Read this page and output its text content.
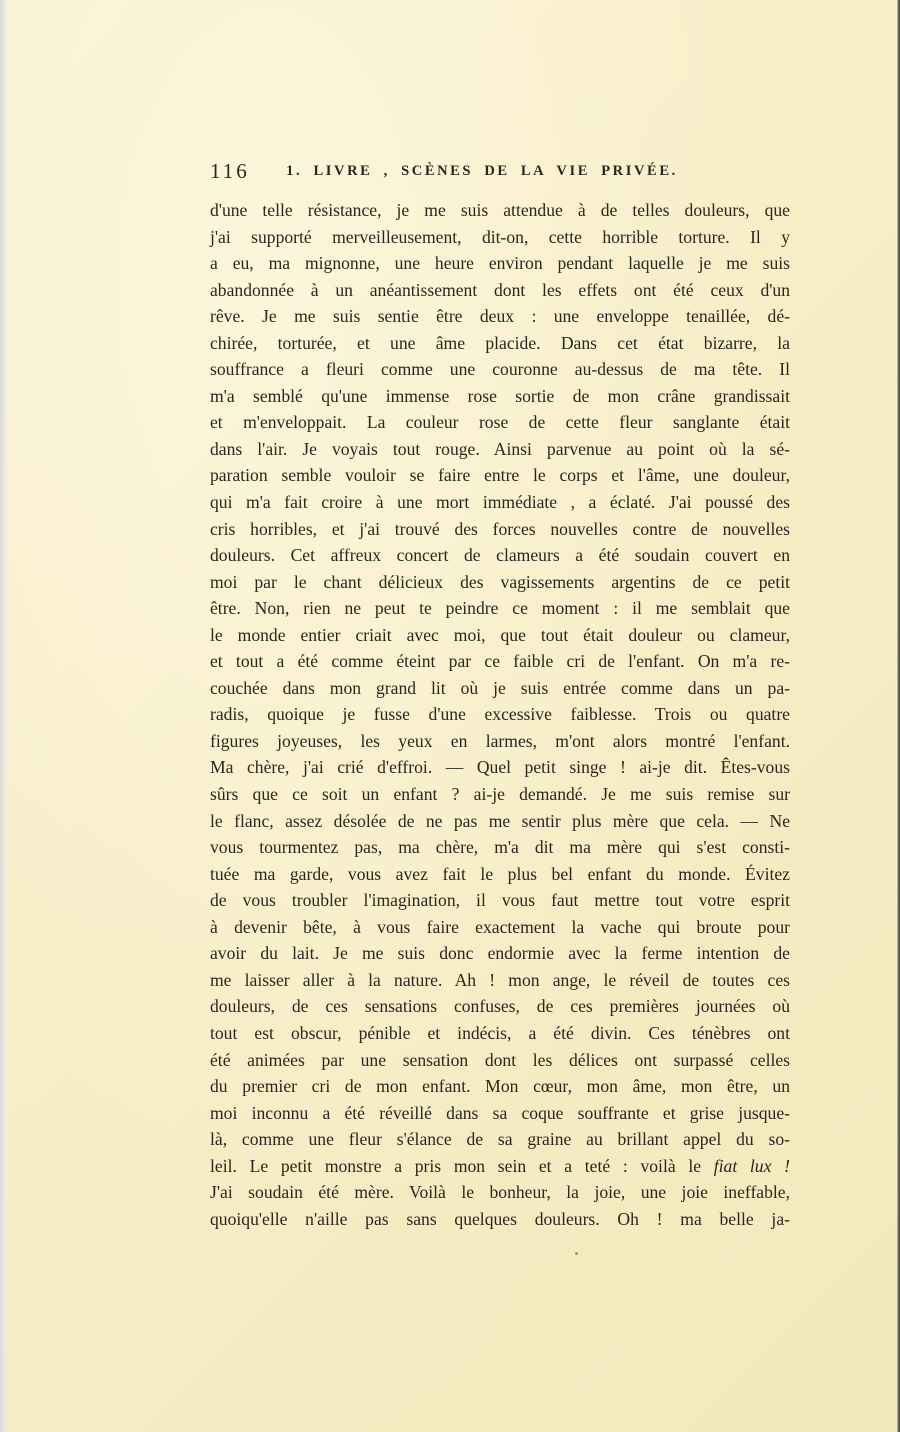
116	1. LIVRE , SCÈNES DE LA VIE PRIVÉE.
d'une telle résistance, je me suis attendue à de telles douleurs, que
j'ai supporté merveilleusement, dit-on, cette horrible torture. Il y
a eu, ma mignonne, une heure environ pendant laquelle je me suis
abandonnée à un anéantissement dont les effets ont été ceux d'un
rêve. Je me suis sentie être deux : une enveloppe tenaillée, dé-
chirée, torturée, et une âme placide. Dans cet état bizarre, la
souffrance a fleuri comme une couronne au-dessus de ma tête. Il
m'a semblé qu'une immense rose sortie de mon crâne grandissait
et m'enveloppait. La couleur rose de cette fleur sanglante était
dans l'air. Je voyais tout rouge. Ainsi parvenue au point où la sé-
paration semble vouloir se faire entre le corps et l'âme, une douleur,
qui m'a fait croire à une mort immédiate , a éclaté. J'ai poussé des
cris horribles, et j'ai trouvé des forces nouvelles contre de nouvelles
douleurs. Cet affreux concert de clameurs a été soudain couvert en
moi par le chant délicieux des vagissements argentins de ce petit
être. Non, rien ne peut te peindre ce moment : il me semblait que
le monde entier criait avec moi, que tout était douleur ou clameur,
et tout a été comme éteint par ce faible cri de l'enfant. On m'a re-
couchée dans mon grand lit où je suis entrée comme dans un pa-
radis, quoique je fusse d'une excessive faiblesse. Trois ou quatre
figures joyeuses, les yeux en larmes, m'ont alors montré l'enfant.
Ma chère, j'ai crié d'effroi. — Quel petit singe ! ai-je dit. Êtes-vous
sûrs que ce soit un enfant ? ai-je demandé. Je me suis remise sur
le flanc, assez désolée de ne pas me sentir plus mère que cela. — Ne
vous tourmentez pas, ma chère, m'a dit ma mère qui s'est consti-
tuée ma garde, vous avez fait le plus bel enfant du monde. Évitez
de vous troubler l'imagination, il vous faut mettre tout votre esprit
à devenir bête, à vous faire exactement la vache qui broute pour
avoir du lait. Je me suis donc endormie avec la ferme intention de
me laisser aller à la nature. Ah ! mon ange, le réveil de toutes ces
douleurs, de ces sensations confuses, de ces premières journées où
tout est obscur, pénible et indécis, a été divin. Ces ténèbres ont
été animées par une sensation dont les délices ont surpassé celles
du premier cri de mon enfant. Mon cœur, mon âme, mon être, un
moi inconnu a été réveillé dans sa coque souffrante et grise jusque-
là, comme une fleur s'élance de sa graine au brillant appel du so-
leil. Le petit monstre a pris mon sein et a teté : voilà le fiat lux !
J'ai soudain été mère. Voilà le bonheur, la joie, une joie ineffable,
quoiqu'elle n'aille pas sans quelques douleurs. Oh ! ma belle ja-
